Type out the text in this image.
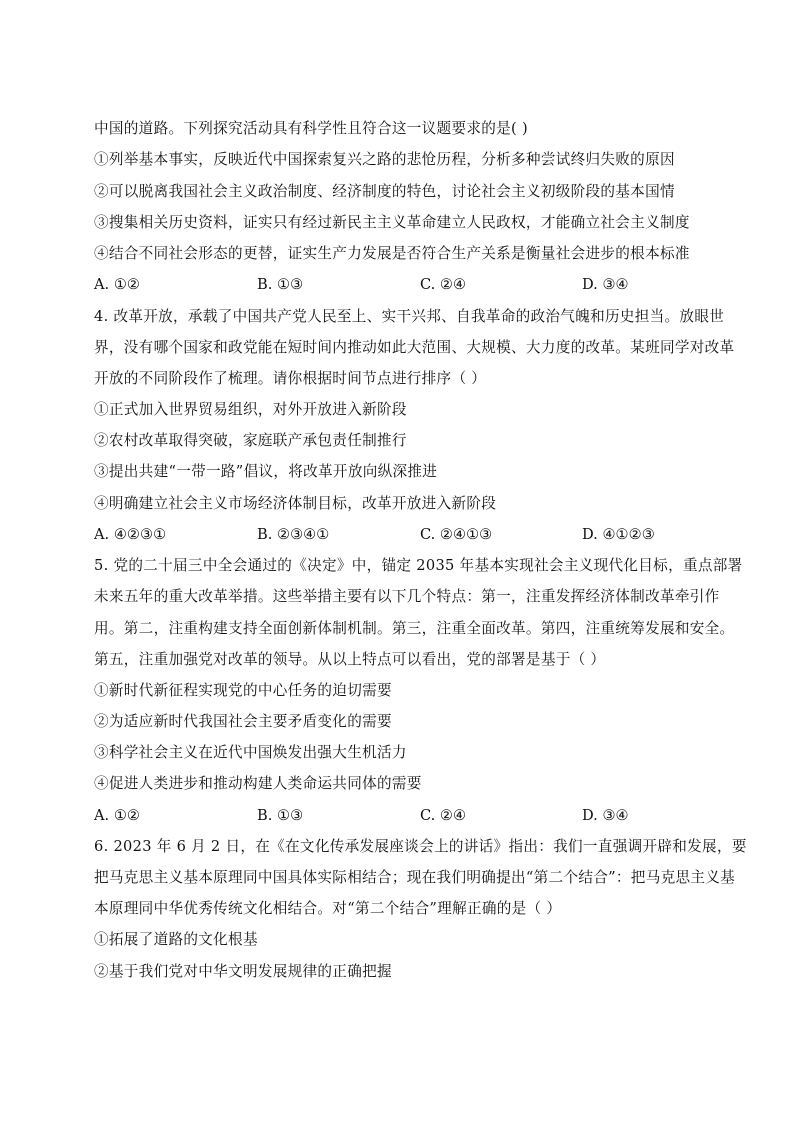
中国的道路。下列探究活动具有科学性且符合这一议题要求的是( )
①列举基本事实，反映近代中国探索复兴之路的悲怆历程，分析多种尝试终归失败的原因
②可以脱离我国社会主义政治制度、经济制度的特色，讨论社会主义初级阶段的基本国情
③搜集相关历史资料，证实只有经过新民主主义革命建立人民政权，才能确立社会主义制度
④结合不同社会形态的更替，证实生产力发展是否符合生产关系是衡量社会进步的根本标准
A. ①②	B. ①③	C. ②④	D. ③④
4. 改革开放，承载了中国共产党人民至上、实干兴邦、自我革命的政治气魄和历史担当。放眼世
界，没有哪个国家和政党能在短时间内推动如此大范围、大规模、大力度的改革。某班同学对改革
开放的不同阶段作了梳理。请你根据时间节点进行排序（ ）
①正式加入世界贸易组织，对外开放进入新阶段
②农村改革取得突破，家庭联产承包责任制推行
③提出共建“一带一路”倡议，将改革开放向纵深推进
④明确建立社会主义市场经济体制目标，改革开放进入新阶段
A. ④②③①	B. ②③④①	C. ②④①③	D. ④①②③
5. 党的二十届三中全会通过的《决定》中，锚定 2035 年基本实现社会主义现代化目标，重点部署
未来五年的重大改革举措。这些举措主要有以下几个特点：第一，注重发挥经济体制改革牵引作
用。第二，注重构建支持全面创新体制机制。第三，注重全面改革。第四，注重统筹发展和安全。
第五，注重加强党对改革的领导。从以上特点可以看出，党的部署是基于（ ）
①新时代新征程实现党的中心任务的迫切需要
②为适应新时代我国社会主要矛盾变化的需要
③科学社会主义在近代中国焕发出强大生机活力
④促进人类进步和推动构建人类命运共同体的需要
A. ①②	B. ①③	C. ②④	D. ③④
6. 2023 年 6 月 2 日，在《在文化传承发展座谈会上的讲话》指出：我们一直强调开辟和发展，要
把马克思主义基本原理同中国具体实际相结合；现在我们明确提出“第二个结合”：把马克思主义基
本原理同中华优秀传统文化相结合。对“第二个结合”理解正确的是（ ）
①拓展了道路的文化根基
②基于我们党对中华文明发展规律的正确把握
